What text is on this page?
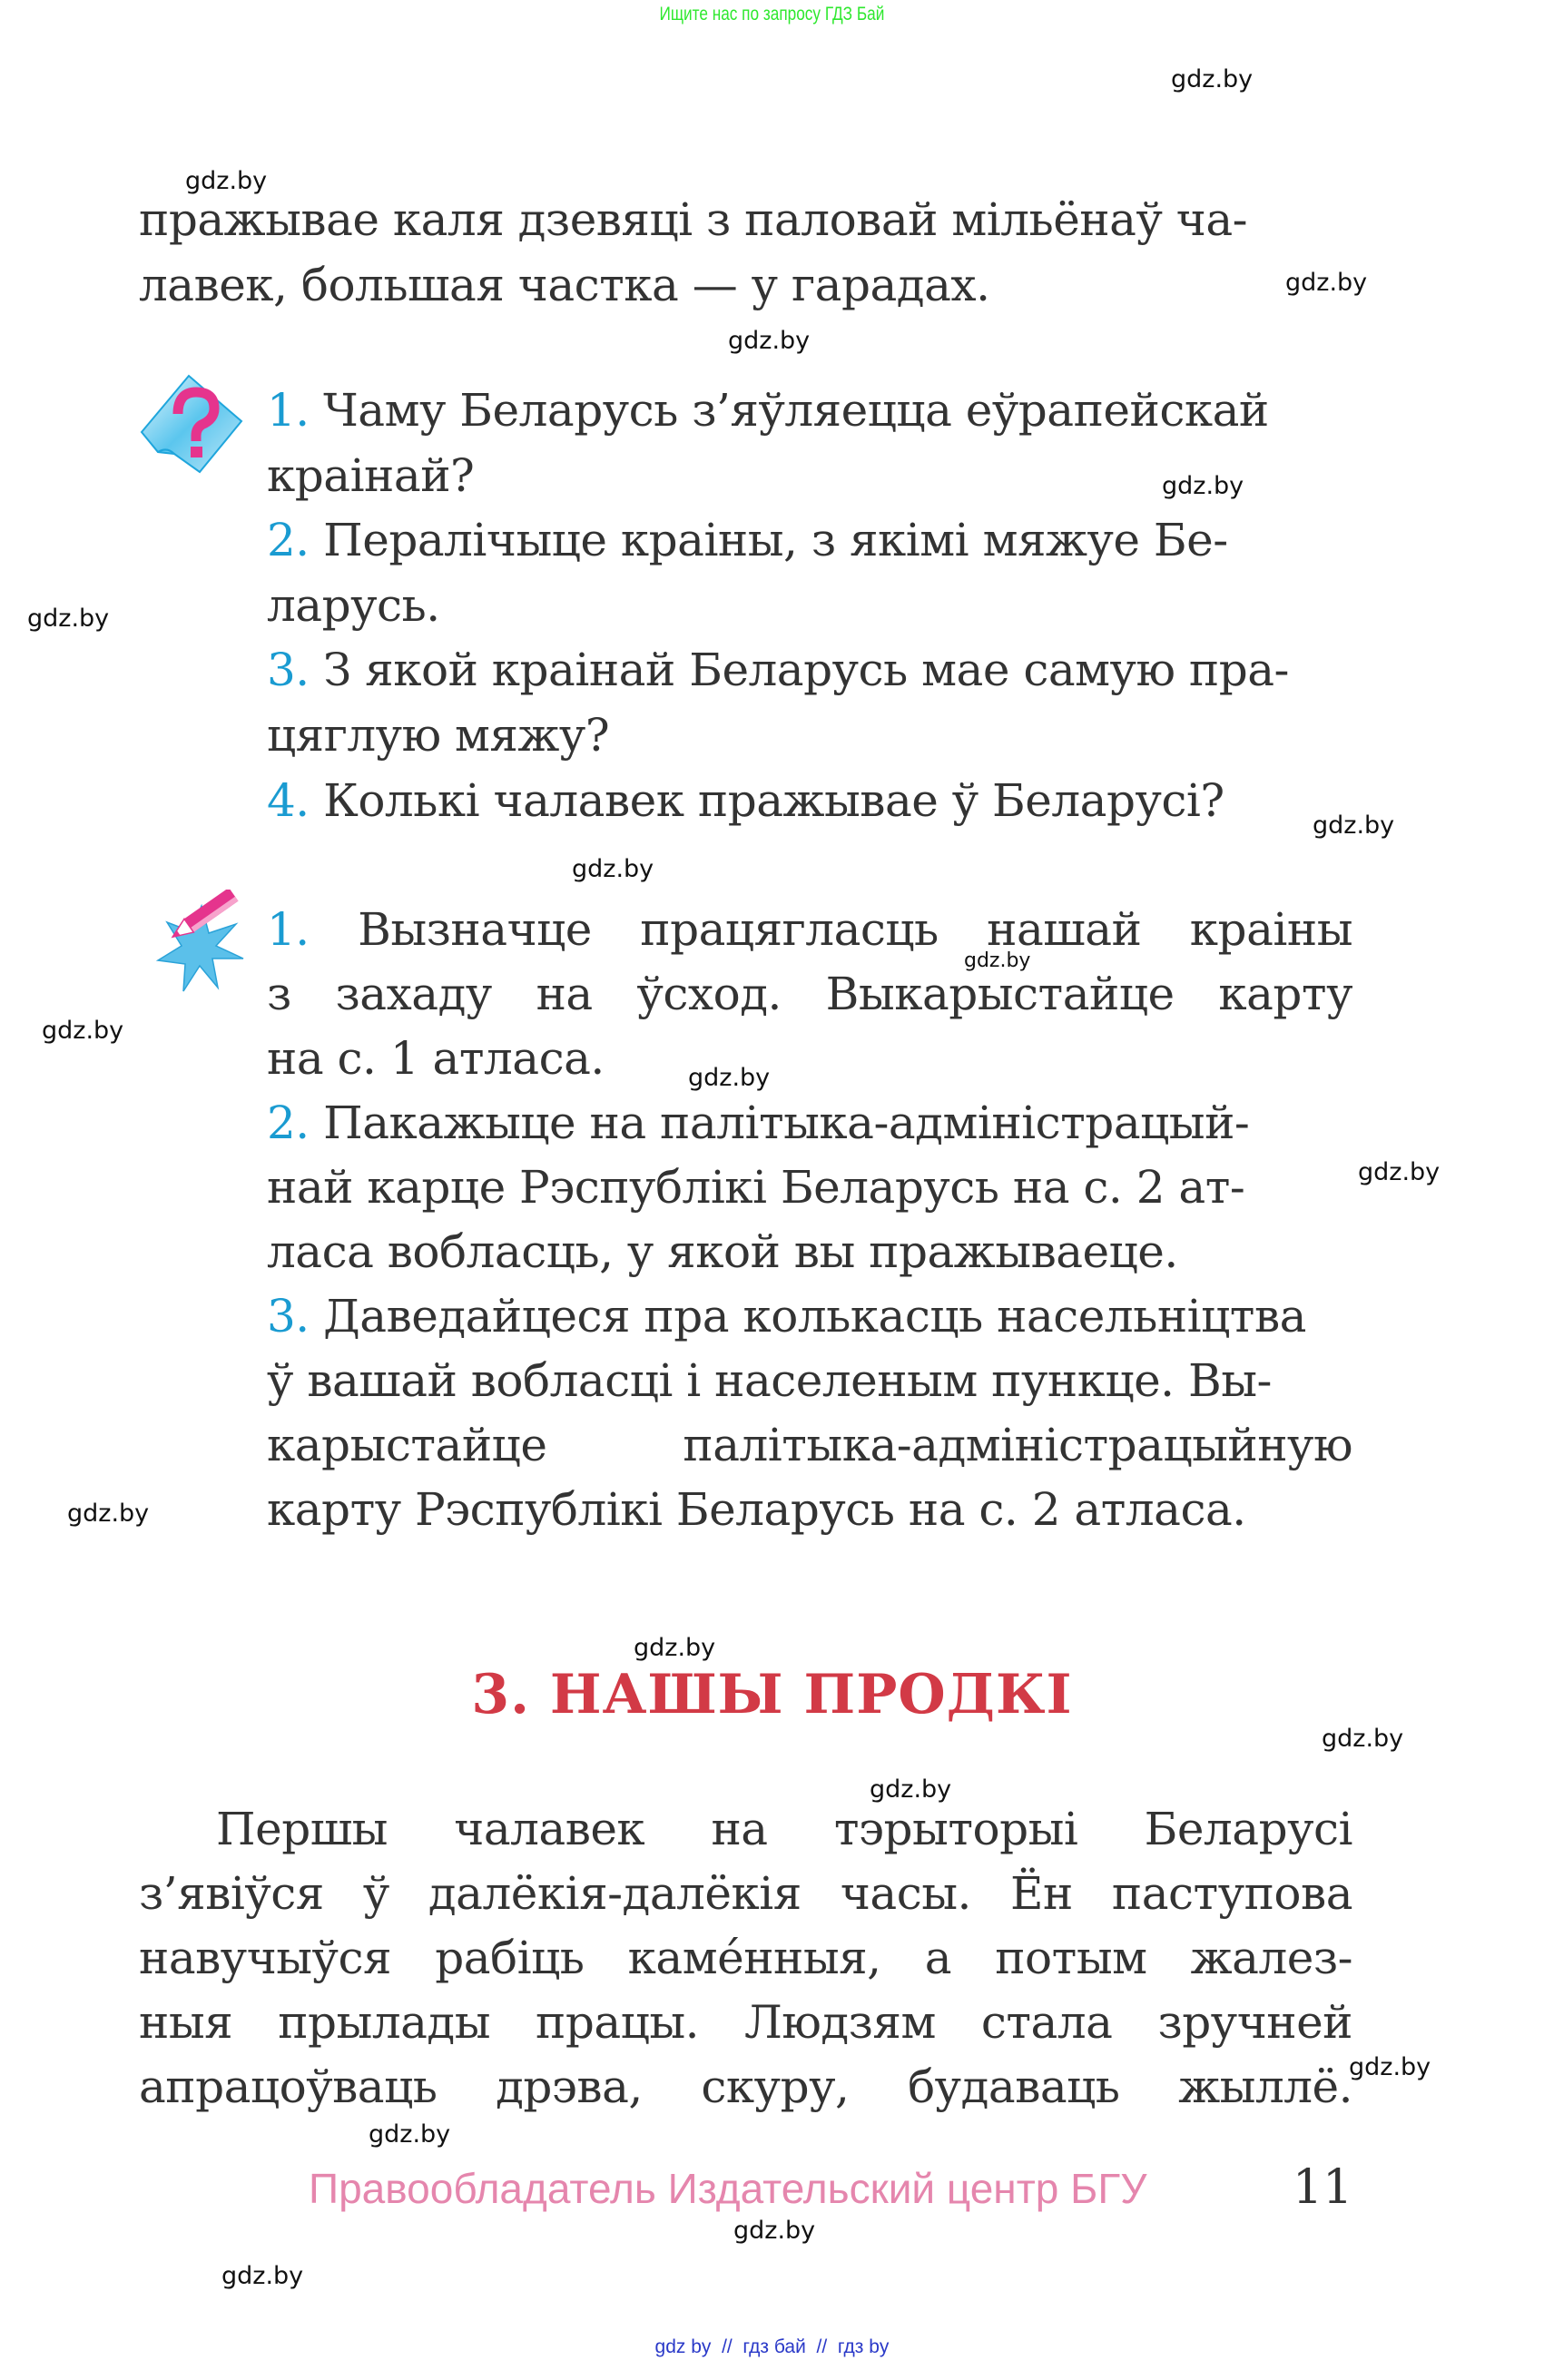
Ищите нас по запросу ГДЗ Бай
gdz.by
gdz.by
gdz.by
gdz.by
gdz.by
gdz.by
gdz.by
gdz.by
gdz.by
gdz.by
gdz.by
gdz.by
gdz.by
gdz.by
gdz.by
gdz.by
gdz.by
gdz.by
gdz.by
gdz.by
пражывае каля дзевяці з паловай мільёнаў ча-
лавек, большая частка — у гарадах.
1. Чаму Беларусь з’яўляецца еўрапейскай
краінай?
2. Пералічыце краіны, з якімі мяжуе Бе-
ларусь.
3. З якой краінай Беларусь мае самую пра-
цяглую мяжу?
4. Колькі чалавек пражывае ў Беларусі?
1. Вызначце працягласць нашай краіны
з захаду на ўсход. Выкарыстайце карту
на с. 1 атласа.
2. Пакажыце на палітыка-адміністрацый-
най карце Рэспублікі Беларусь на с. 2 ат-
ласа вобласць, у якой вы пражываеце.
3. Даведайцеся пра колькасць насельніцтва
ў вашай вобласці і населеным пункце. Вы-
карыстайце палітыка-адміністрацыйную
карту Рэспублікі Беларусь на с. 2 атласа.
3. НАШЫ ПРОДКІ
Першы чалавек на тэрыторыі Беларусі
з’явіўся ў далёкія-далёкія часы. Ён паступова
навучыўся рабіць камéнныя, а потым жалез-
ныя прылады працы. Людзям стала зручней
апрацоўваць дрэва, скуру, будаваць жыллё.
Правообладатель Издательский центр БГУ	11
gdz by  //  гдз бай  //  гдз by
